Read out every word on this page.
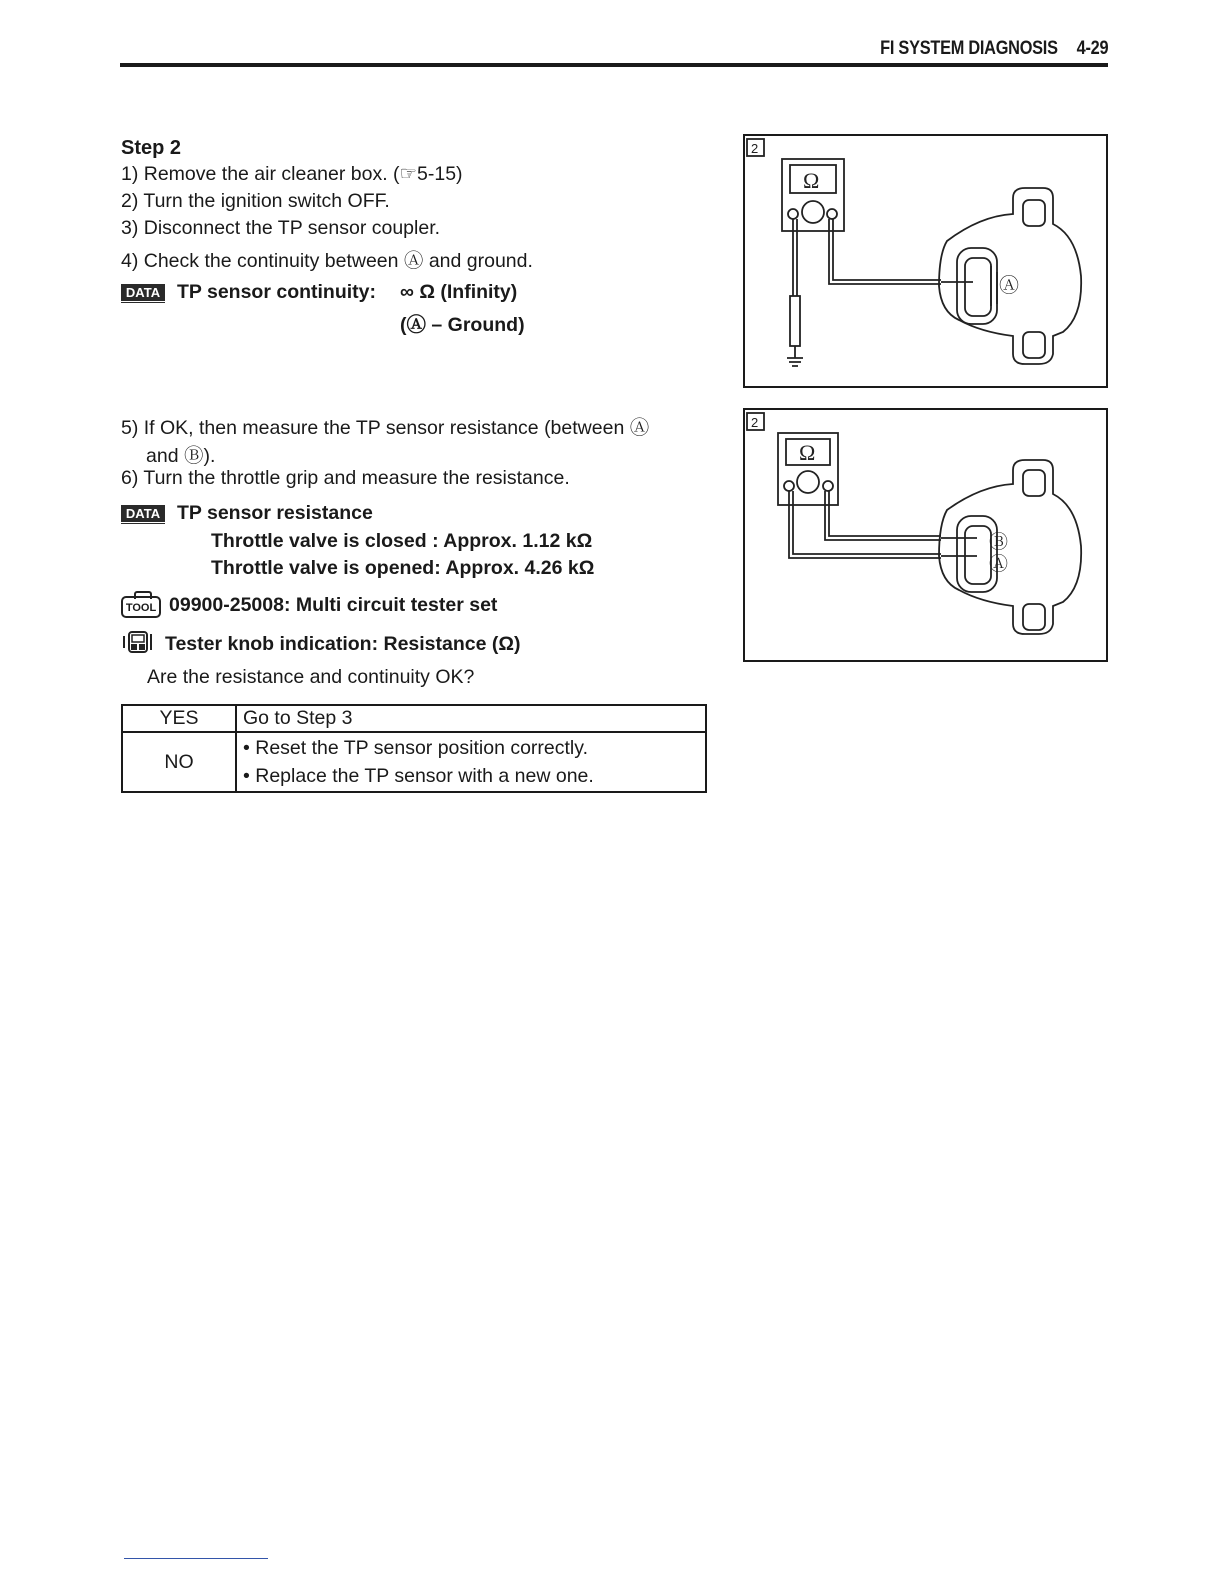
FI SYSTEM DIAGNOSIS 4-29
Step 2
1) Remove the air cleaner box. (☞5-15)
2) Turn the ignition switch OFF.
3) Disconnect the TP sensor coupler.
4) Check the continuity between Ⓐ and ground.
DATA TP sensor continuity: ∞ Ω (Infinity)
(Ⓐ – Ground)
5) If OK, then measure the TP sensor resistance (between Ⓐ
and Ⓑ).
6) Turn the throttle grip and measure the resistance.
DATA TP sensor resistance
Throttle valve is closed : Approx. 1.12 kΩ
Throttle valve is opened: Approx. 4.26 kΩ
TOOL 09900-25008: Multi circuit tester set
Tester knob indication: Resistance (Ω)
Are the resistance and continuity OK?
YES	Go to Step 3
NO	• Reset the TP sensor position correctly.
• Replace the TP sensor with a new one.
2
Ω
Ⓐ
2
Ω
Ⓑ
Ⓐ
